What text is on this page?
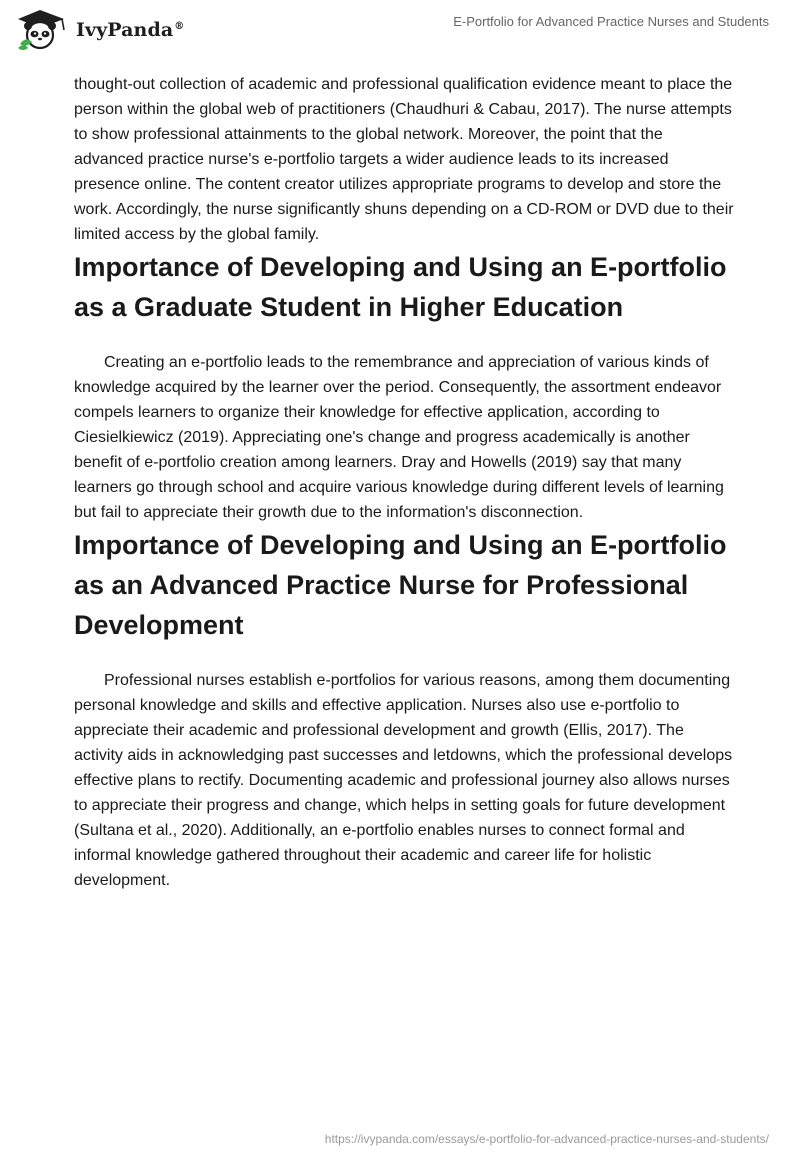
IvyPanda®	E-Portfolio for Advanced Practice Nurses and Students

thought-out collection of academic and professional qualification evidence meant to place the person within the global web of practitioners (Chaudhuri & Cabau, 2017). The nurse attempts to show professional attainments to the global network. Moreover, the point that the advanced practice nurse's e-portfolio targets a wider audience leads to its increased presence online. The content creator utilizes appropriate programs to develop and store the work. Accordingly, the nurse significantly shuns depending on a CD-ROM or DVD due to their limited access by the global family.

Importance of Developing and Using an E-portfolio as a Graduate Student in Higher Education

Creating an e-portfolio leads to the remembrance and appreciation of various kinds of knowledge acquired by the learner over the period. Consequently, the assortment endeavor compels learners to organize their knowledge for effective application, according to Ciesielkiewicz (2019). Appreciating one's change and progress academically is another benefit of e-portfolio creation among learners. Dray and Howells (2019) say that many learners go through school and acquire various knowledge during different levels of learning but fail to appreciate their growth due to the information's disconnection.

Importance of Developing and Using an E-portfolio as an Advanced Practice Nurse for Professional Development

Professional nurses establish e-portfolios for various reasons, among them documenting personal knowledge and skills and effective application. Nurses also use e-portfolio to appreciate their academic and professional development and growth (Ellis, 2017). The activity aids in acknowledging past successes and letdowns, which the professional develops effective plans to rectify. Documenting academic and professional journey also allows nurses to appreciate their progress and change, which helps in setting goals for future development (Sultana et al., 2020). Additionally, an e-portfolio enables nurses to connect formal and informal knowledge gathered throughout their academic and career life for holistic development.

https://ivypanda.com/essays/e-portfolio-for-advanced-practice-nurses-and-students/
